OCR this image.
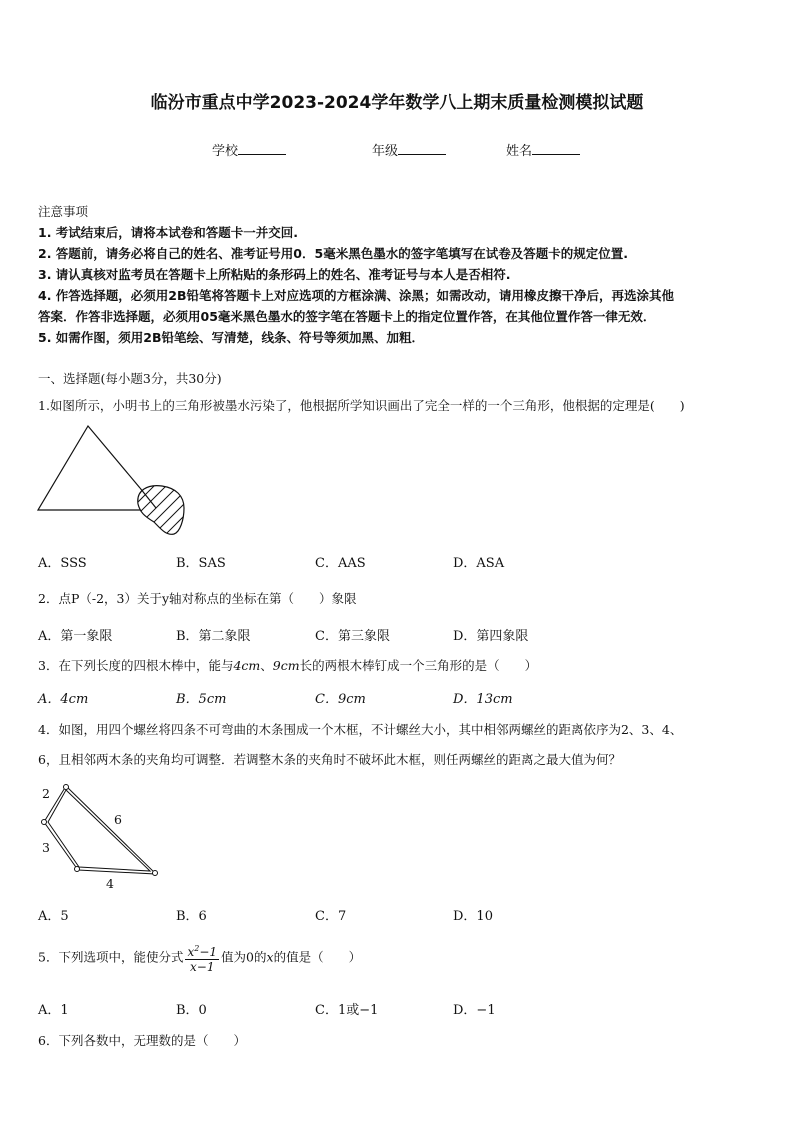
临汾市重点中学2023-2024学年数学八上期末质量检测模拟试题
学校	年级	姓名
注意事项
1. 考试结束后，请将本试卷和答题卡一并交回.
2. 答题前，请务必将自己的姓名、准考证号用0．5毫米黑色墨水的签字笔填写在试卷及答题卡的规定位置.
3. 请认真核对监考员在答题卡上所粘贴的条形码上的姓名、准考证号与本人是否相符.
4. 作答选择题，必须用2B铅笔将答题卡上对应选项的方框涂满、涂黑；如需改动，请用橡皮擦干净后，再选涂其他
答案．作答非选择题，必须用05毫米黑色墨水的签字笔在答题卡上的指定位置作答，在其他位置作答一律无效．
5. 如需作图，须用2B铅笔绘、写清楚，线条、符号等须加黑、加粗．
一、选择题(每小题3分，共30分)
1.如图所示，小明书上的三角形被墨水污染了，他根据所学知识画出了完全一样的一个三角形，他根据的定理是(　　)
A．SSS	B．SAS	C．AAS	D．ASA
2．点P（-2，3）关于y轴对称点的坐标在第（　　）象限
A．第一象限	B．第二象限	C．第三象限	D．第四象限
3．在下列长度的四根木棒中，能与4cm、9cm长的两根木棒钉成一个三角形的是（　　）
A．4cm	B．5cm	C．9cm	D．13cm
4．如图，用四个螺丝将四条不可弯曲的木条围成一个木框，不计螺丝大小，其中相邻两螺丝的距离依序为2、3、4、
6，且相邻两木条的夹角均可调整．若调整木条的夹角时不破坏此木框，则任两螺丝的距离之最大值为何？
2
6
3
4
A．5	B．6	C．7	D．10
5．下列选项中，能使分式 $\frac{x^2-1}{x-1}$ 值为0的x的值是（　　）
A．1	B．0	C．1或−1	D．−1
6．下列各数中，无理数的是（　　）
